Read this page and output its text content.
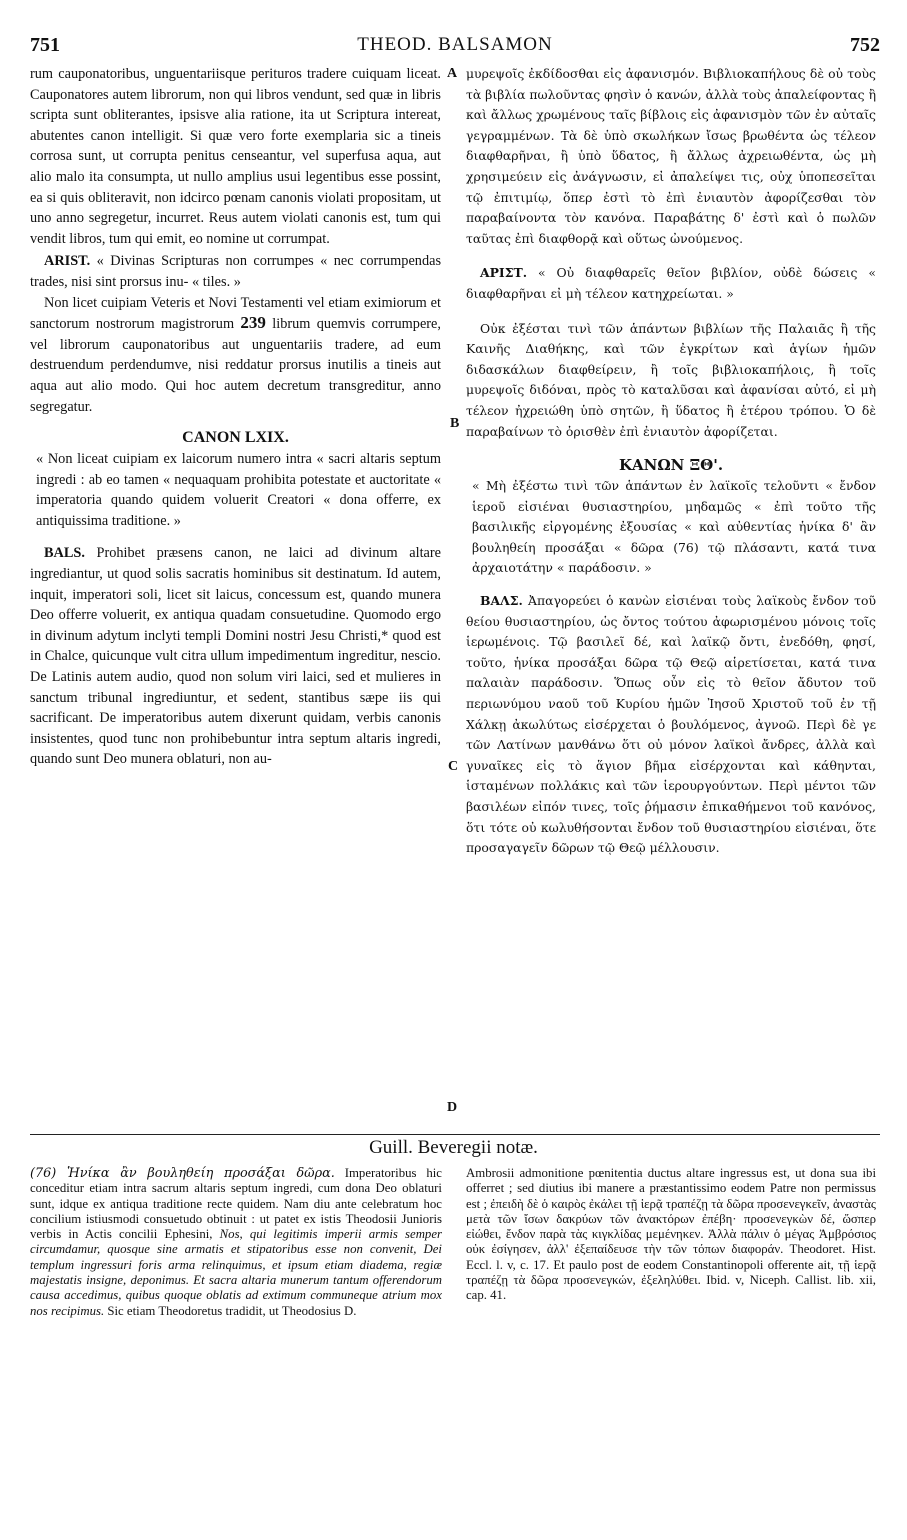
751	THEOD. BALSAMON	752

rum cauponatoribus, unguentariisque perituros tradere cuiquam liceat. Cauponatores autem librorum, non qui libros vendunt, sed quæ in libris scripta sunt obliterantes, ipsisve alia ratione, ita ut Scriptura intereat, abutentes canon intelligit. Si quæ vero forte exemplaria sic a tineis corrosa sunt, ut corrupta penitus censeantur, vel superfusa aqua, aut alio malo ita consumpta, ut nullo amplius usui legentibus esse possint, ea si quis obliteravit, non idcirco pœnam canonis violati propositam, ut uno anno segregetur, incurret. Reus autem violati canonis est, tum qui vendit libros, tum qui emit, eo nomine ut corrumpat.

ARIST. « Divinas Scripturas non corrumpes « nec corrumpendas trades, nisi sint prorsus inu- « tiles. »

Non licet cuipiam Veteris et Novi Testamenti vel etiam eximiorum et sanctorum nostrorum magistrorum 239 librum quemvis corrumpere, vel librorum cauponatoribus aut unguentariis tradere, ad eum destruendum perdendumve, nisi reddatur prorsus inutilis a tineis aut aqua aut alio modo. Qui hoc autem decretum transgreditur, anno segregatur.

CANON LXIX.

« Non liceat cuipiam ex laicorum numero intra « sacri altaris septum ingredi : ab eo tamen « nequaquam prohibita potestate et auctoritate « imperatoria quando quidem voluerit Creatori « dona offerre, ex antiquissima traditione. »

BALS. Prohibet præsens canon, ne laici ad divinum altare ingrediantur, ut quod solis sacratis hominibus sit destinatum. Id autem, inquit, imperatori soli, licet sit laicus, concessum est, quando munera Deo offerre voluerit, ex antiqua quadam consuetudine. Quomodo ergo in divinum adytum inclyti templi Domini nostri Jesu Christi,* quod est in Chalce, quicunque vult citra ullum impedimentum ingreditur, nescio. De Latinis autem audio, quod non solum viri laici, sed et mulieres in sanctum tribunal ingrediuntur, et sedent, stantibus sæpe iis qui sacrificant. De imperatoribus autem dixerunt quidam, verbis canonis insistentes, quod tunc non prohibebuntur intra septum altaris ingredi, quando sunt Deo munera oblaturi, non au-

μυρεψοῖς ἐκδίδοσθαι εἰς ἀφανισμόν. Βιβλιοκαπήλους δὲ οὐ τοὺς τὰ βιβλία πωλοῦντας φησὶν ὁ κανών, ἀλλὰ τοὺς ἀπαλείφοντας ἢ καὶ ἄλλως χρωμένους ταῖς βίβλοις εἰς ἀφανισμὸν τῶν ἐν αὐταῖς γεγραμμένων. Τὰ δὲ ὑπὸ σκωλήκων ἴσως βρωθέντα ὡς τέλεον διαφθαρῆναι, ἢ ὑπὸ ὕδατος, ἢ ἄλλως ἀχρειωθέντα, ὡς μὴ χρησιμεύειν εἰς ἀνάγνωσιν, εἰ ἀπαλείψει τις, οὐχ ὑποπεσεῖται τῷ ἐπιτιμίῳ, ὅπερ ἐστὶ τὸ ἐπὶ ἐνιαυτὸν ἀφορίζεσθαι τὸν παραβαίνοντα τὸν κανόνα. Παραβάτης δ' ἐστὶ καὶ ὁ πωλῶν ταῦτας ἐπὶ διαφθορᾷ καὶ οὕτως ὠνούμενος.

ΑΡΙΣΤ. « Οὐ διαφθαρεῖς θεῖον βιβλίον, οὐδὲ δώσεις « διαφθαρῆναι εἰ μὴ τέλεον κατηχρείωται. »

Οὐκ ἐξέσται τινὶ τῶν ἁπάντων βιβλίων τῆς Παλαιᾶς ἢ τῆς Καινῆς Διαθήκης, καὶ τῶν ἐγκρίτων καὶ ἁγίων ἡμῶν διδασκάλων διαφθείρειν, ἢ τοῖς βιβλιοκαπήλοις, ἢ τοῖς μυρεψοῖς διδόναι, πρὸς τὸ καταλῦσαι καὶ ἀφανίσαι αὐτό, εἰ μὴ τέλεον ἠχρειώθη ὑπὸ σητῶν, ἢ ὕδατος ἢ ἑτέρου τρόπου. Ὁ δὲ παραβαίνων τὸ ὁρισθὲν ἐπὶ ἐνιαυτὸν ἀφορίζεται.

ΚΑΝΩΝ ΞΘ'.

« Μὴ ἐξέστω τινὶ τῶν ἁπάντων ἐν λαϊκοῖς τελοῦντι « ἔνδον ἱεροῦ εἰσιέναι θυσιαστηρίου, μηδαμῶς « ἐπὶ τοῦτο τῆς βασιλικῆς εἰργομένης ἐξουσίας « καὶ αὐθεντίας ἡνίκα δ' ἂν βουληθείη προσάξαι « δῶρα (76) τῷ πλάσαντι, κατά τινα ἀρχαιοτάτην « παράδοσιν. »

ΒΑΛΣ. Ἀπαγορεύει ὁ κανὼν εἰσιέναι τοὺς λαϊκοὺς ἔνδον τοῦ θείου θυσιαστηρίου, ὡς ὄντος τούτου ἀφωρισμένου μόνοις τοῖς ἱερωμένοις. Τῷ βασιλεῖ δέ, καὶ λαϊκῷ ὄντι, ἐνεδόθη, φησί, τοῦτο, ἡνίκα προσάξαι δῶρα τῷ Θεῷ αἱρετίσεται, κατά τινα παλαιὰν παράδοσιν. Ὅπως οὖν εἰς τὸ θεῖον ἄδυτον τοῦ περιωνύμου ναοῦ τοῦ Κυρίου ἡμῶν Ἰησοῦ Χριστοῦ τοῦ ἐν τῇ Χάλκῃ ἀκωλύτως εἰσέρχεται ὁ βουλόμενος, ἀγνοῶ. Περὶ δὲ γε τῶν Λατίνων μανθάνω ὅτι οὐ μόνον λαϊκοὶ ἄνδρες, ἀλλὰ καὶ γυναῖκες εἰς τὸ ἅγιον βῆμα εἰσέρχονται καὶ κάθηνται, ἱσταμένων πολλάκις καὶ τῶν ἱερουργούντων. Περὶ μέντοι τῶν βασιλέων εἰπόν τινες, τοῖς ῥήμασιν ἐπικαθήμενοι τοῦ κανόνος, ὅτι τότε οὐ κωλυθήσονται ἔνδον τοῦ θυσιαστηρίου εἰσιέναι, ὅτε προσαγαγεῖν δῶρων τῷ Θεῷ μέλλουσιν.

A
B
C
D
Guill. Beveregii notæ.

(76) Ἡνίκα ἂν βουληθείη προσάξαι δῶρα. Imperatoribus hic conceditur etiam intra sacrum altaris septum ingredi, cum dona Deo oblaturi sunt, idque ex antiqua traditione recte quidem. Nam diu ante celebratum hoc concilium istiusmodi consuetudo obtinuit : ut patet ex istis Theodosii Junioris verbis in Actis concilii Ephesini, Nos, qui legitimis imperii armis semper circumdamur, quosque sine armatis et stipatoribus esse non convenit, Dei templum ingressuri foris arma relinquimus, et ipsum etiam diadema, regiæ majestatis insigne, deponimus. Et sacra altaria munerum tantum offerendorum causa accedimus, quibus quoque oblatis ad extimum communeque atrium mox nos recipimus. Sic etiam Theodoretus tradidit, ut Theodosius D.

Ambrosii admonitione pœnitentia ductus altare ingressus est, ut dona sua ibi offerret ; sed diutius ibi manere a præstantissimo eodem Patre non permissus est ; ἐπειδὴ δὲ ὁ καιρὸς ἐκάλει τῇ ἱερᾷ τραπέζῃ τὰ δῶρα προσενεγκεῖν, ἀναστὰς μετὰ τῶν ἴσων δακρύων τῶν ἀνακτόρων ἐπέβη· προσενεγκὼν δέ, ὥσπερ εἰώθει, ἔνδον παρὰ τὰς κιγκλίδας μεμένηκεν. Ἀλλὰ πάλιν ὁ μέγας Ἀμβρόσιος οὐκ ἐσίγησεν, ἀλλ' ἐξεπαίδευσε τὴν τῶν τόπων διαφοράν. Theodoret. Hist. Eccl. l. v, c. 17. Et paulo post de eodem Constantinopoli offerente ait, τῇ ἱερᾷ τραπέζῃ τὰ δῶρα προσενεγκών, ἐξεληλύθει. Ibid. v, Niceph. Callist. lib. xii, cap. 41.
